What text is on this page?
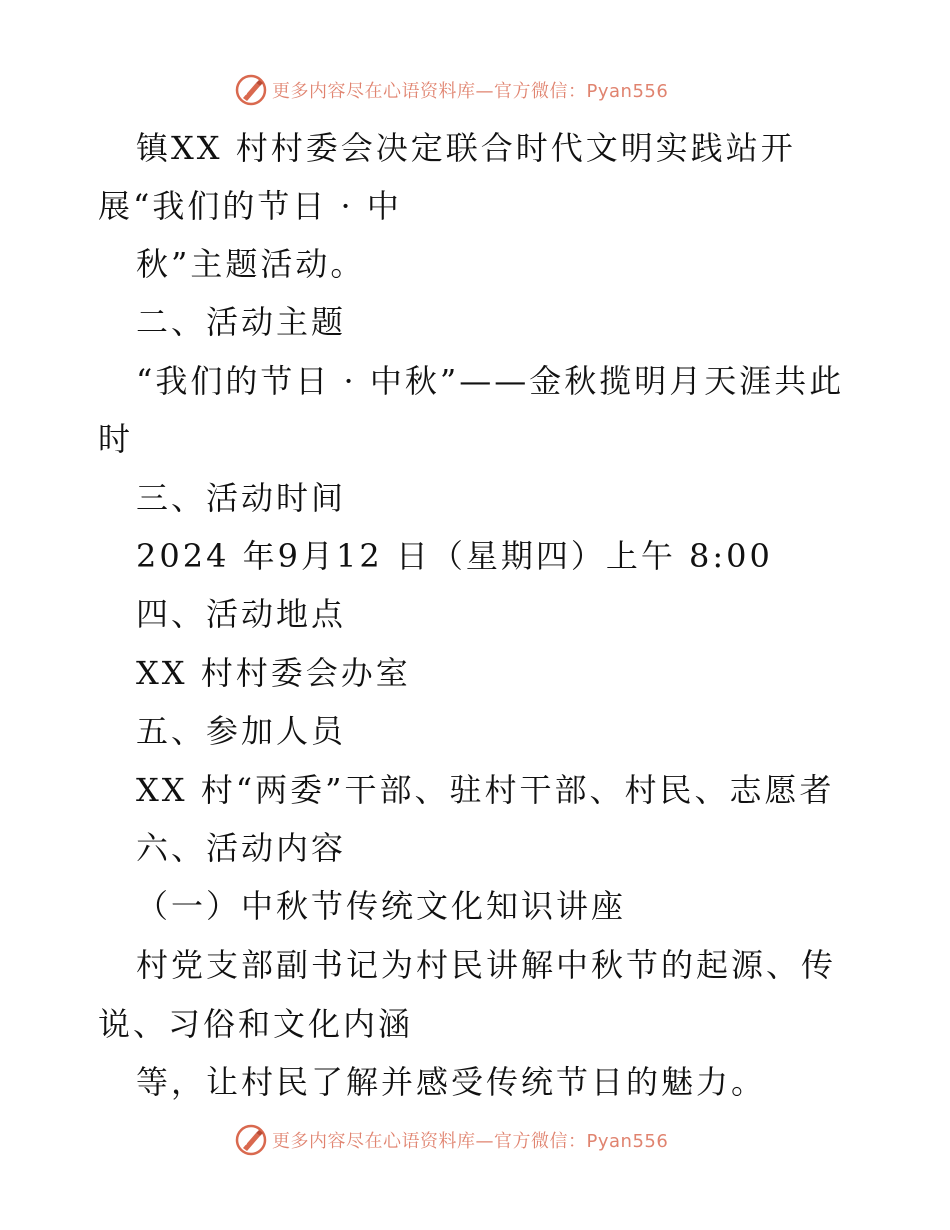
更多内容尽在心语资料库—官方微信：Pyan556

镇XX 村村委会决定联合时代文明实践站开

展“我们的节日 · 中

秋”主题活动。

二、活动主题

“我们的节日 · 中秋”——金秋揽明月天涯共此

时

三、活动时间

2024 年9月12 日（星期四）上午 8:00

四、活动地点

XX 村村委会办室

五、参加人员

XX 村“两委”干部、驻村干部、村民、志愿者

六、活动内容

（一）中秋节传统文化知识讲座

村党支部副书记为村民讲解中秋节的起源、传

说、习俗和文化内涵

等，让村民了解并感受传统节日的魅力。

更多内容尽在心语资料库—官方微信：Pyan556
